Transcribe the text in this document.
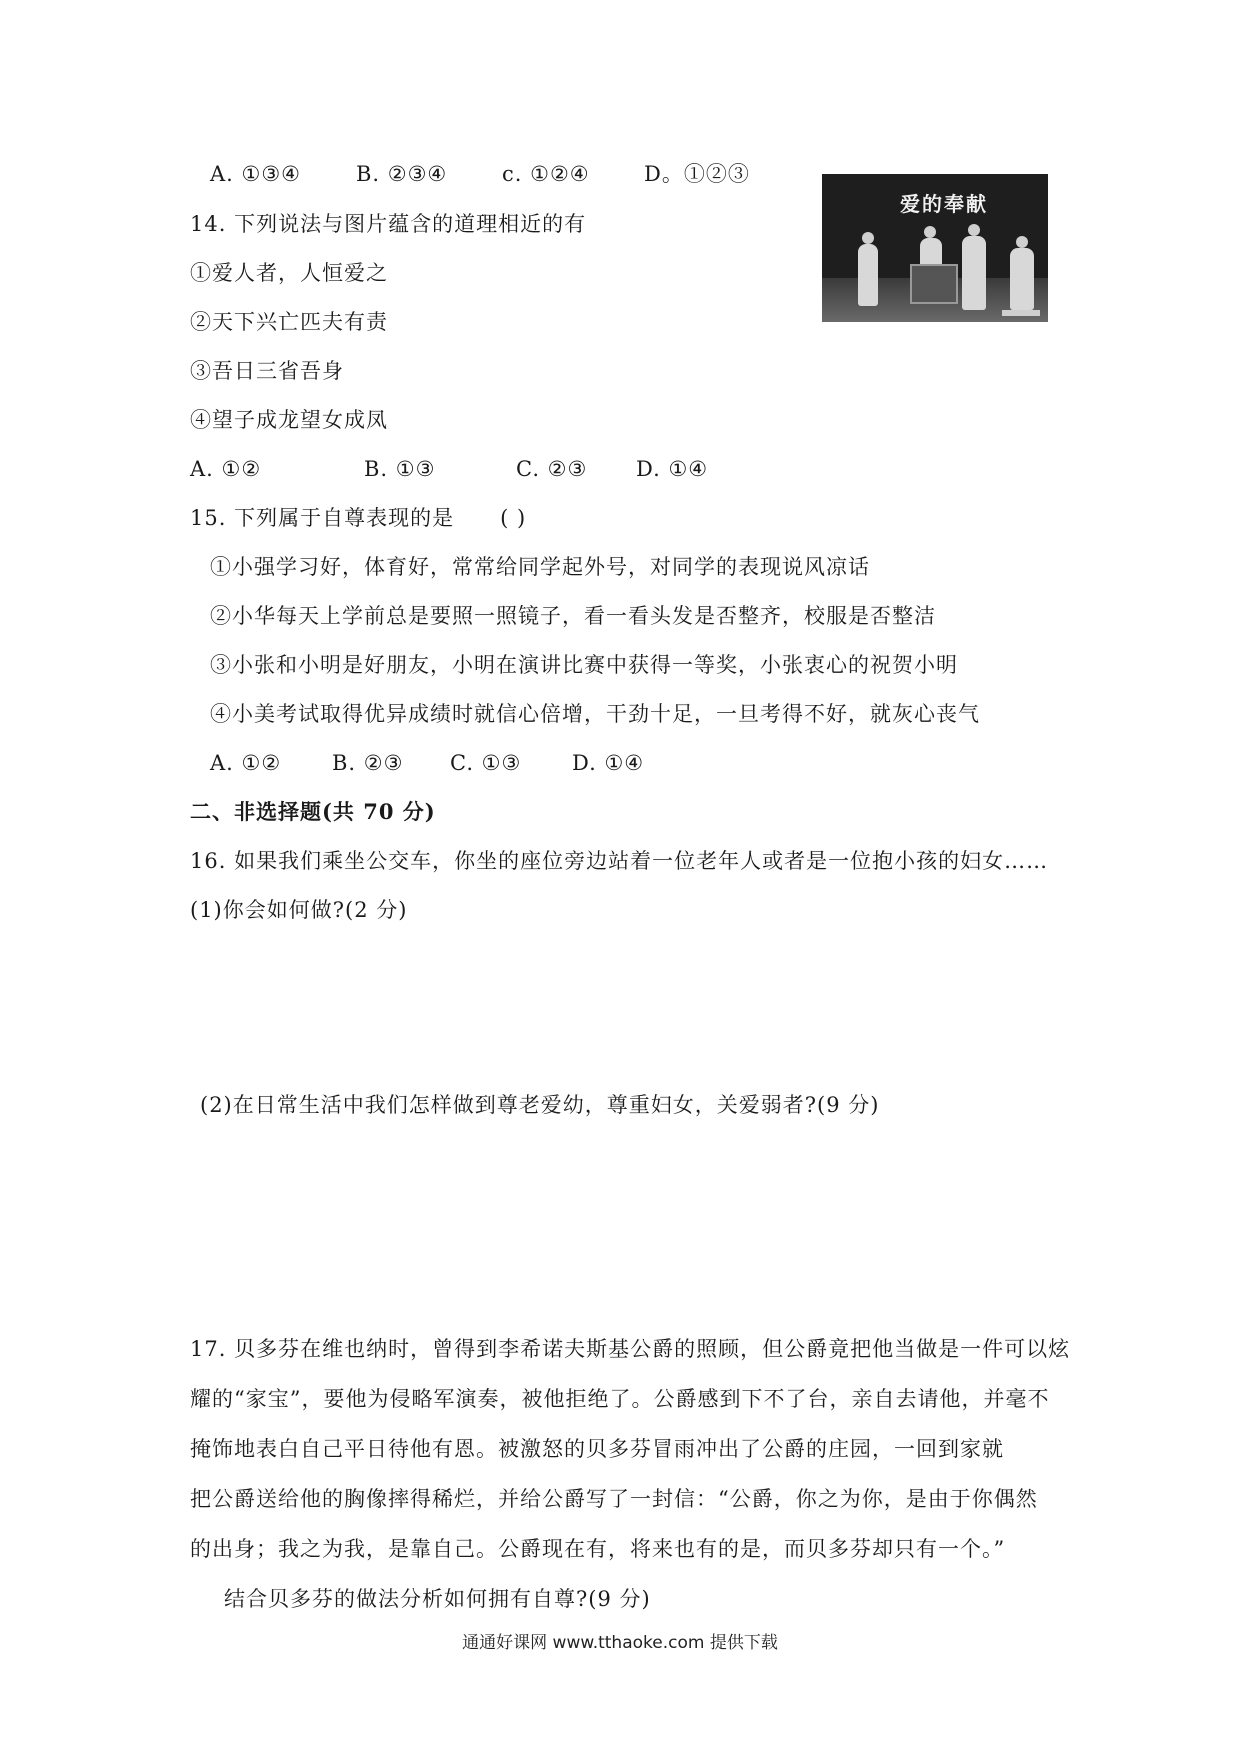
A. ①③④	B. ②③④	c. ①②④	D。①②③
14. 下列说法与图片蕴含的道理相近的有
①爱人者，人恒爱之
②天下兴亡匹夫有责
③吾日三省吾身
④望子成龙望女成凤
A. ①②	B. ①③	C. ②③ D. ①④
爱的奉献
15. 下列属于自尊表现的是 ( )
①小强学习好，体育好，常常给同学起外号，对同学的表现说风凉话
②小华每天上学前总是要照一照镜子，看一看头发是否整齐，校服是否整洁
③小张和小明是好朋友，小明在演讲比赛中获得一等奖，小张衷心的祝贺小明
④小美考试取得优异成绩时就信心倍增，干劲十足，一旦考得不好，就灰心丧气
A. ①② B. ②③ C. ①③ D. ①④
二、非选择题(共 70 分)
16. 如果我们乘坐公交车，你坐的座位旁边站着一位老年人或者是一位抱小孩的妇女……
(1)你会如何做?(2 分)
(2)在日常生活中我们怎样做到尊老爱幼，尊重妇女，关爱弱者?(9 分)
17. 贝多芬在维也纳时，曾得到李希诺夫斯基公爵的照顾，但公爵竟把他当做是一件可以炫
耀的“家宝”，要他为侵略军演奏，被他拒绝了。公爵感到下不了台，亲自去请他，并毫不
掩饰地表白自己平日待他有恩。被激怒的贝多芬冒雨冲出了公爵的庄园，一回到家就
把公爵送给他的胸像摔得稀烂，并给公爵写了一封信：“公爵，你之为你，是由于你偶然
的出身；我之为我，是靠自己。公爵现在有，将来也有的是，而贝多芬却只有一个。”
结合贝多芬的做法分析如何拥有自尊?(9 分)
通通好课网 www.tthaoke.com 提供下载
